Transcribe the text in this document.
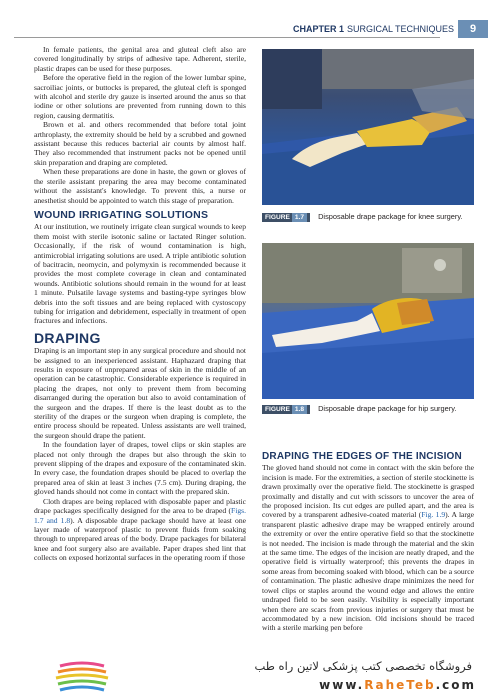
CHAPTER 1 SURGICAL TECHNIQUES	9

In female patients, the genital area and gluteal cleft also are covered longitudinally by strips of adhesive tape. Adherent, sterile, plastic drapes can be used for these purposes.

Before the operative field in the region of the lower lumbar spine, sacroiliac joints, or buttocks is prepared, the gluteal cleft is sponged with alcohol and sterile dry gauze is inserted around the anus so that iodine or other solutions are prevented from running down to this region, causing dermatitis.

Brown et al. and others recommended that before total joint arthroplasty, the extremity should be held by a scrubbed and gowned assistant because this reduces bacterial air counts by almost half. They also recommended that instrument packs not be opened until skin preparation and draping are completed.

When these preparations are done in haste, the gown or gloves of the sterile assistant preparing the area may become contaminated without the assistant's knowledge. To prevent this, a nurse or anesthetist should be appointed to watch this stage of preparation.

WOUND IRRIGATING SOLUTIONS

At our institution, we routinely irrigate clean surgical wounds to keep them moist with sterile isotonic saline or lactated Ringer solution. Occasionally, if the risk of wound contamination is high, antimicrobial irrigating solutions are used. A triple antibiotic solution of bacitracin, neomycin, and polymyxin is recommended because it provides the most complete coverage in clean and contaminated wounds. Antibiotic solutions should remain in the wound for at least 1 minute. Pulsatile lavage systems and basting-type syringes blow debris into the soft tissues and are being replaced with cystoscopy tubing for irrigation and debridement, especially in treatment of open fractures and infections.

DRAPING

Draping is an important step in any surgical procedure and should not be assigned to an inexperienced assistant. Haphazard draping that results in exposure of unprepared areas of skin in the middle of an operation can be catastrophic. Considerable experience is required in placing the drapes, not only to prevent them from becoming disarranged during the operation but also to avoid contamination of the surgeon and the drapes. If there is the least doubt as to the sterility of the drapes or the surgeon when draping is complete, the entire process should be repeated. Unless assistants are well trained, the surgeon should drape the patient.

In the foundation layer of drapes, towel clips or skin staples are placed not only through the drapes but also through the skin to prevent slipping of the drapes and exposure of the contaminated skin. In every case, the foundation drapes should be placed to overlap the prepared area of skin at least 3 inches (7.5 cm). During draping, the gloved hands should not come in contact with the prepared skin.

Cloth drapes are being replaced with disposable paper and plastic drape packages specifically designed for the area to be draped (Figs. 1.7 and 1.8). A disposable drape package should have at least one layer made of waterproof plastic to prevent fluids from soaking through to unprepared areas of the body. Drape packages for bilateral knee and foot surgery also are available. Paper drapes shed lint that collects on exposed horizontal surfaces in the operating room if those

FIGURE 1.7 Disposable drape package for knee surgery.
FIGURE 1.8 Disposable drape package for hip surgery.
DRAPING THE EDGES OF THE INCISION

The gloved hand should not come in contact with the skin before the incision is made. For the extremities, a section of sterile stockinette is drawn proximally over the operative field. The stockinette is grasped proximally and distally and cut with scissors to uncover the area of the proposed incision. Its cut edges are pulled apart, and the area is covered by a transparent adhesive-coated material (Fig. 1.9). A large transparent plastic adhesive drape may be wrapped entirely around the extremity or over the entire operative field so that the stockinette is not needed. The incision is made through the material and the skin at the same time. The edges of the incision are neatly draped, and the operative field is virtually waterproof; this prevents the drapes in some areas from becoming soaked with blood, which can be a source of contamination. The plastic adhesive drape minimizes the need for towel clips or staples around the wound edge and allows the entire undraped field to be seen easily. Visibility is especially important when there are scars from previous injuries or surgery that must be accommodated by a new incision. Old incisions should be traced with a sterile marking pen before

فروشگاه تخصصی کتب پزشکی لاتین راه طب
www.RaheTeb.com
